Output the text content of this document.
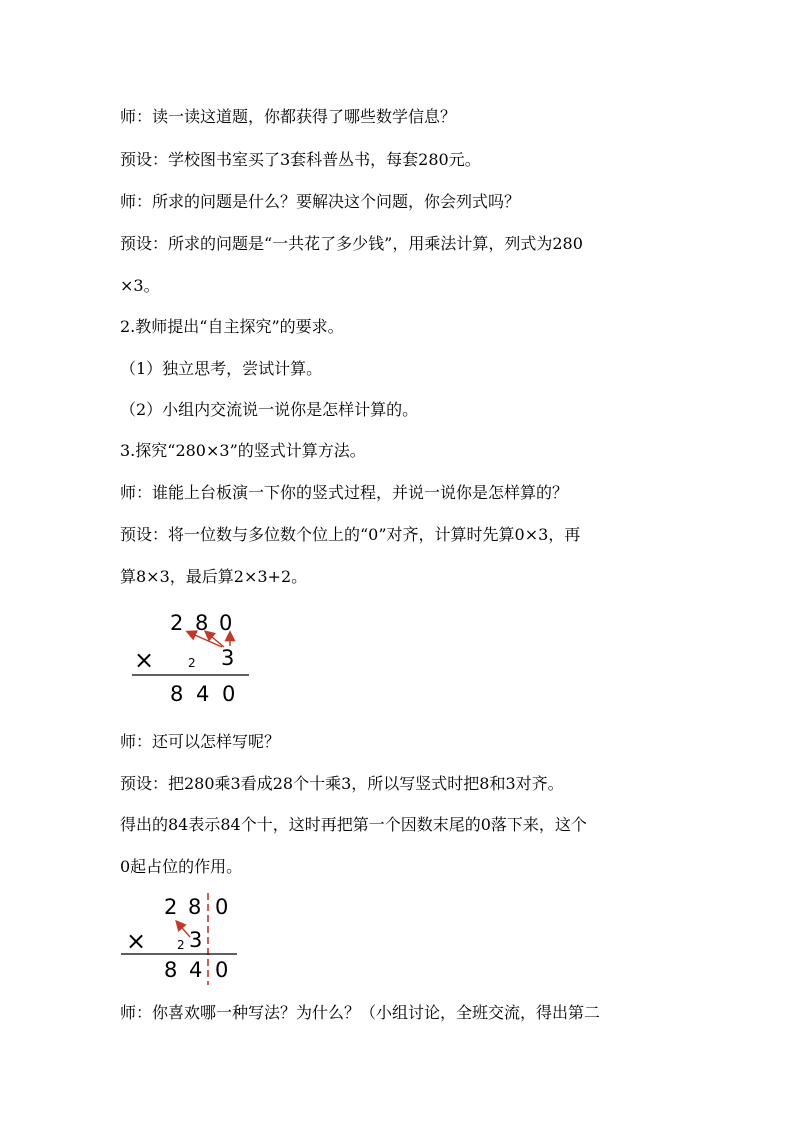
师：读一读这道题，你都获得了哪些数学信息？
预设：学校图书室买了3套科普丛书，每套280元。
师：所求的问题是什么？要解决这个问题，你会列式吗？
预设：所求的问题是“一共花了多少钱”，用乘法计算，列式为280
×3。
2.教师提出“自主探究”的要求。
（1）独立思考，尝试计算。
（2）小组内交流说一说你是怎样计算的。
3.探究“280×3”的竖式计算方法。
师：谁能上台板演一下你的竖式过程，并说一说你是怎样算的？
预设：将一位数与多位数个位上的“0”对齐，计算时先算0×3，再
算8×3，最后算2×3+2。
2 8 0
×	2 3
8 4 0
师：还可以怎样写呢？
预设：把280乘3看成28个十乘3，所以写竖式时把8和3对齐。
得出的84表示84个十，这时再把第一个因数末尾的0落下来，这个
0起占位的作用。
2 8 0
×	2 3
8 4 0
师：你喜欢哪一种写法？为什么？（小组讨论，全班交流，得出第二
